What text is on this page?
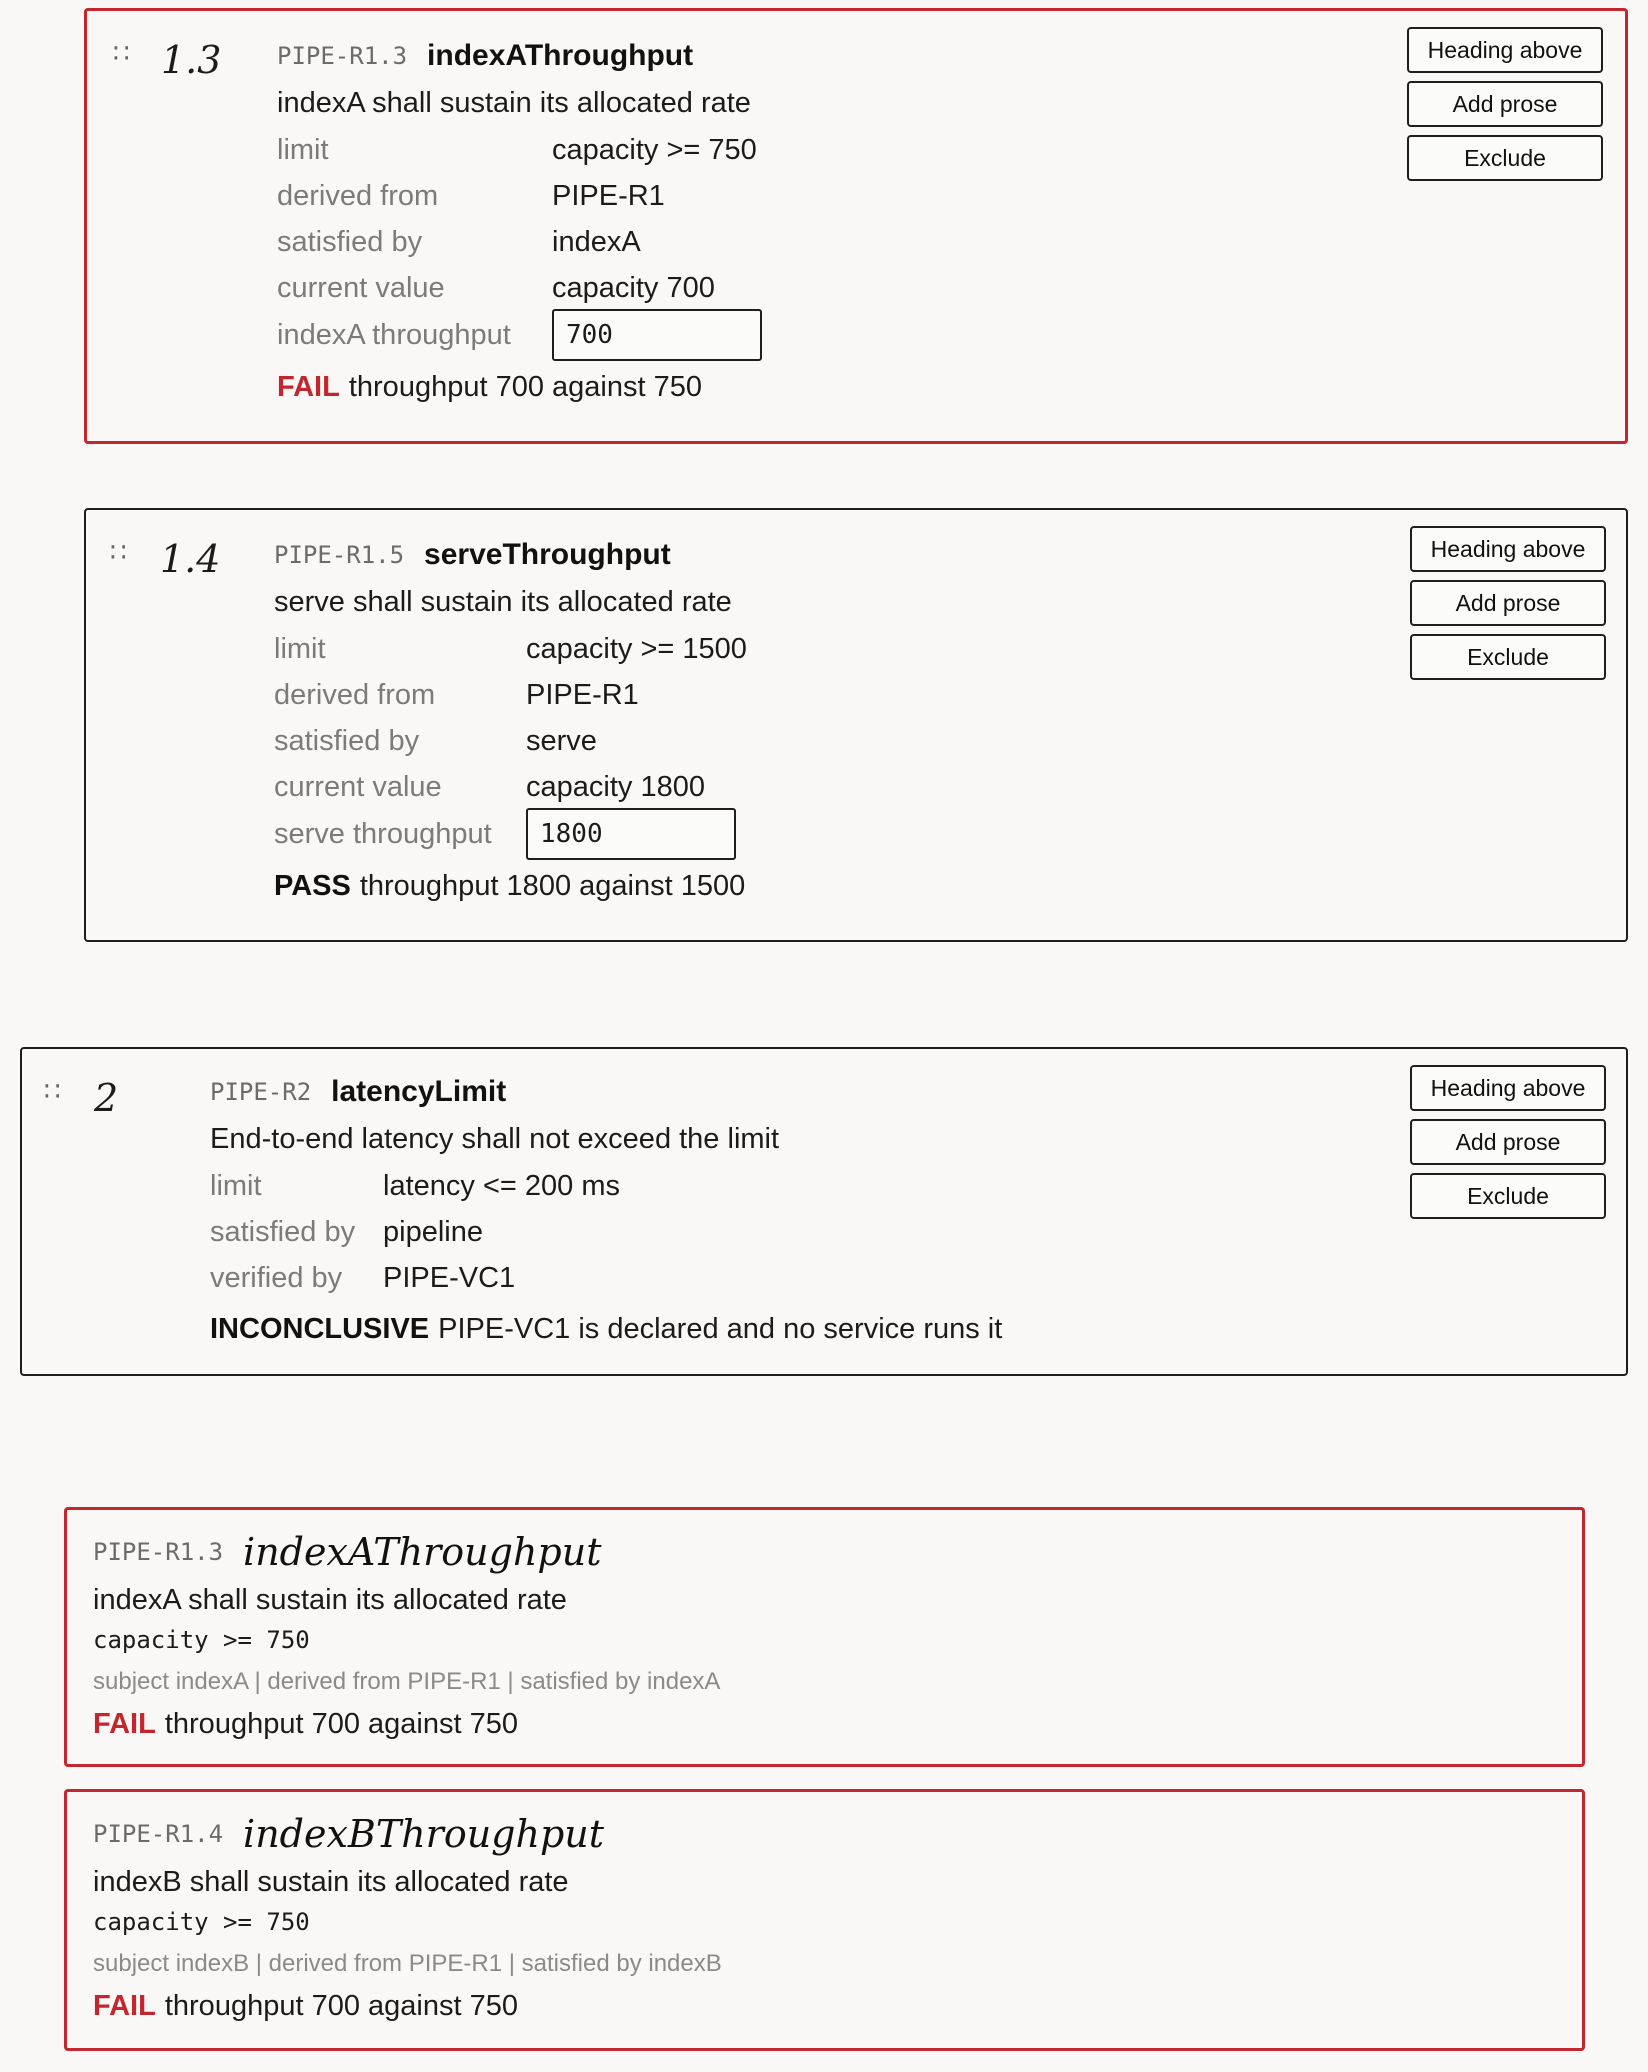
∷ 1.3 PIPE-R1.3 indexAThroughput
indexA shall sustain its allocated rate
limit	capacity >= 750
derived from	PIPE-R1
satisfied by	indexA
current value	capacity 700
indexA throughput	700
FAIL throughput 700 against 750
Heading above
Add prose
Exclude
∷ 1.4 PIPE-R1.5 serveThroughput
serve shall sustain its allocated rate
limit	capacity >= 1500
derived from	PIPE-R1
satisfied by	serve
current value	capacity 1800
serve throughput	1800
PASS throughput 1800 against 1500
Heading above
Add prose
Exclude
∷ 2	PIPE-R2 latencyLimit
End-to-end latency shall not exceed the limit
limit	latency <= 200 ms
satisfied by pipeline
verified by	PIPE-VC1
INCONCLUSIVE PIPE-VC1 is declared and no service runs it
Heading above
Add prose
Exclude
PIPE-R1.3 indexAThroughput
indexA shall sustain its allocated rate
capacity >= 750
subject indexA | derived from PIPE-R1 | satisfied by indexA
FAIL throughput 700 against 750
PIPE-R1.4 indexBThroughput
indexB shall sustain its allocated rate
capacity >= 750
subject indexB | derived from PIPE-R1 | satisfied by indexB
FAIL throughput 700 against 750
